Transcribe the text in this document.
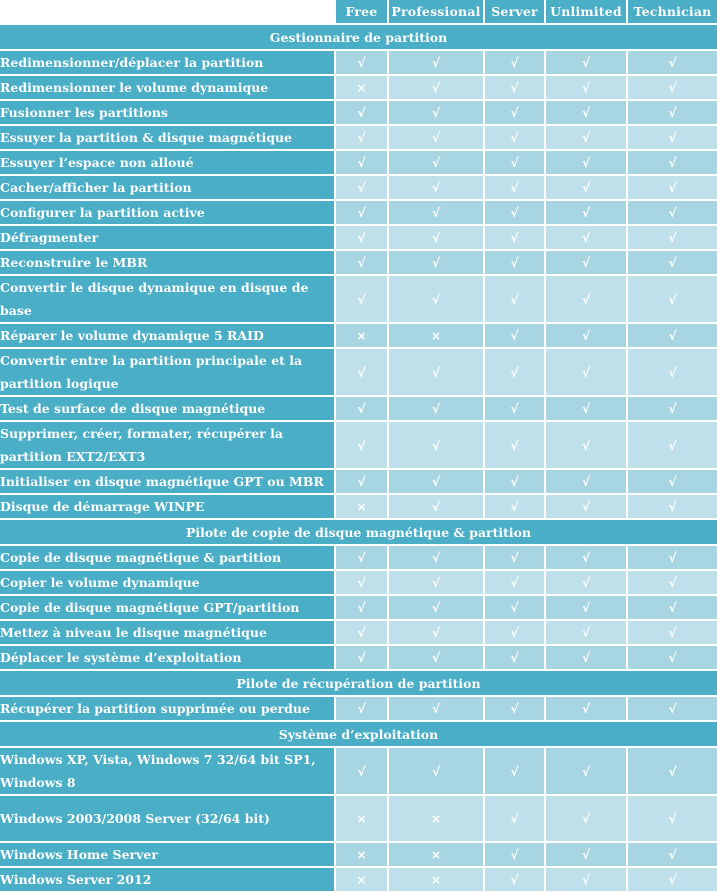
	Free	Professional	Server	Unlimited	Technician
Gestionnaire de partition					
Redimensionner/déplacer la partition	√	√	√	√	√
Redimensionner le volume dynamique	×	√	√	√	√
Fusionner les partitions	√	√	√	√	√
Essuyer la partition & disque magnétique	√	√	√	√	√
Essuyer l’espace non alloué	√	√	√	√	√
Cacher/afficher la partition	√	√	√	√	√
Configurer la partition active	√	√	√	√	√
Défragmenter	√	√	√	√	√
Reconstruire le MBR	√	√	√	√	√
Convertir le disque dynamique en disque de base	√	√	√	√	√
Réparer le volume dynamique 5 RAID	×	×	√	√	√
Convertir entre la partition principale et la partition logique	√	√	√	√	√
Test de surface de disque magnétique	√	√	√	√	√
Supprimer, créer, formater, récupérer la partition EXT2/EXT3	√	√	√	√	√
Initialiser en disque magnétique GPT ou MBR	√	√	√	√	√
Disque de démarrage WINPE	×	√	√	√	√
Pilote de copie de disque magnétique & partition					
Copie de disque magnétique & partition	√	√	√	√	√
Copier le volume dynamique	√	√	√	√	√
Copie de disque magnétique GPT/partition	√	√	√	√	√
Mettez à niveau le disque magnétique	√	√	√	√	√
Déplacer le système d’exploitation	√	√	√	√	√
Pilote de récupération de partition					
Récupérer la partition supprimée ou perdue	√	√	√	√	√
Système d’exploitation					
Windows XP, Vista, Windows 7 32/64 bit SP1, Windows 8	√	√	√	√	√
Windows 2003/2008 Server (32/64 bit)	×	×	√	√	√
Windows Home Server	×	×	√	√	√
Windows Server 2012	×	×	√	√	√
